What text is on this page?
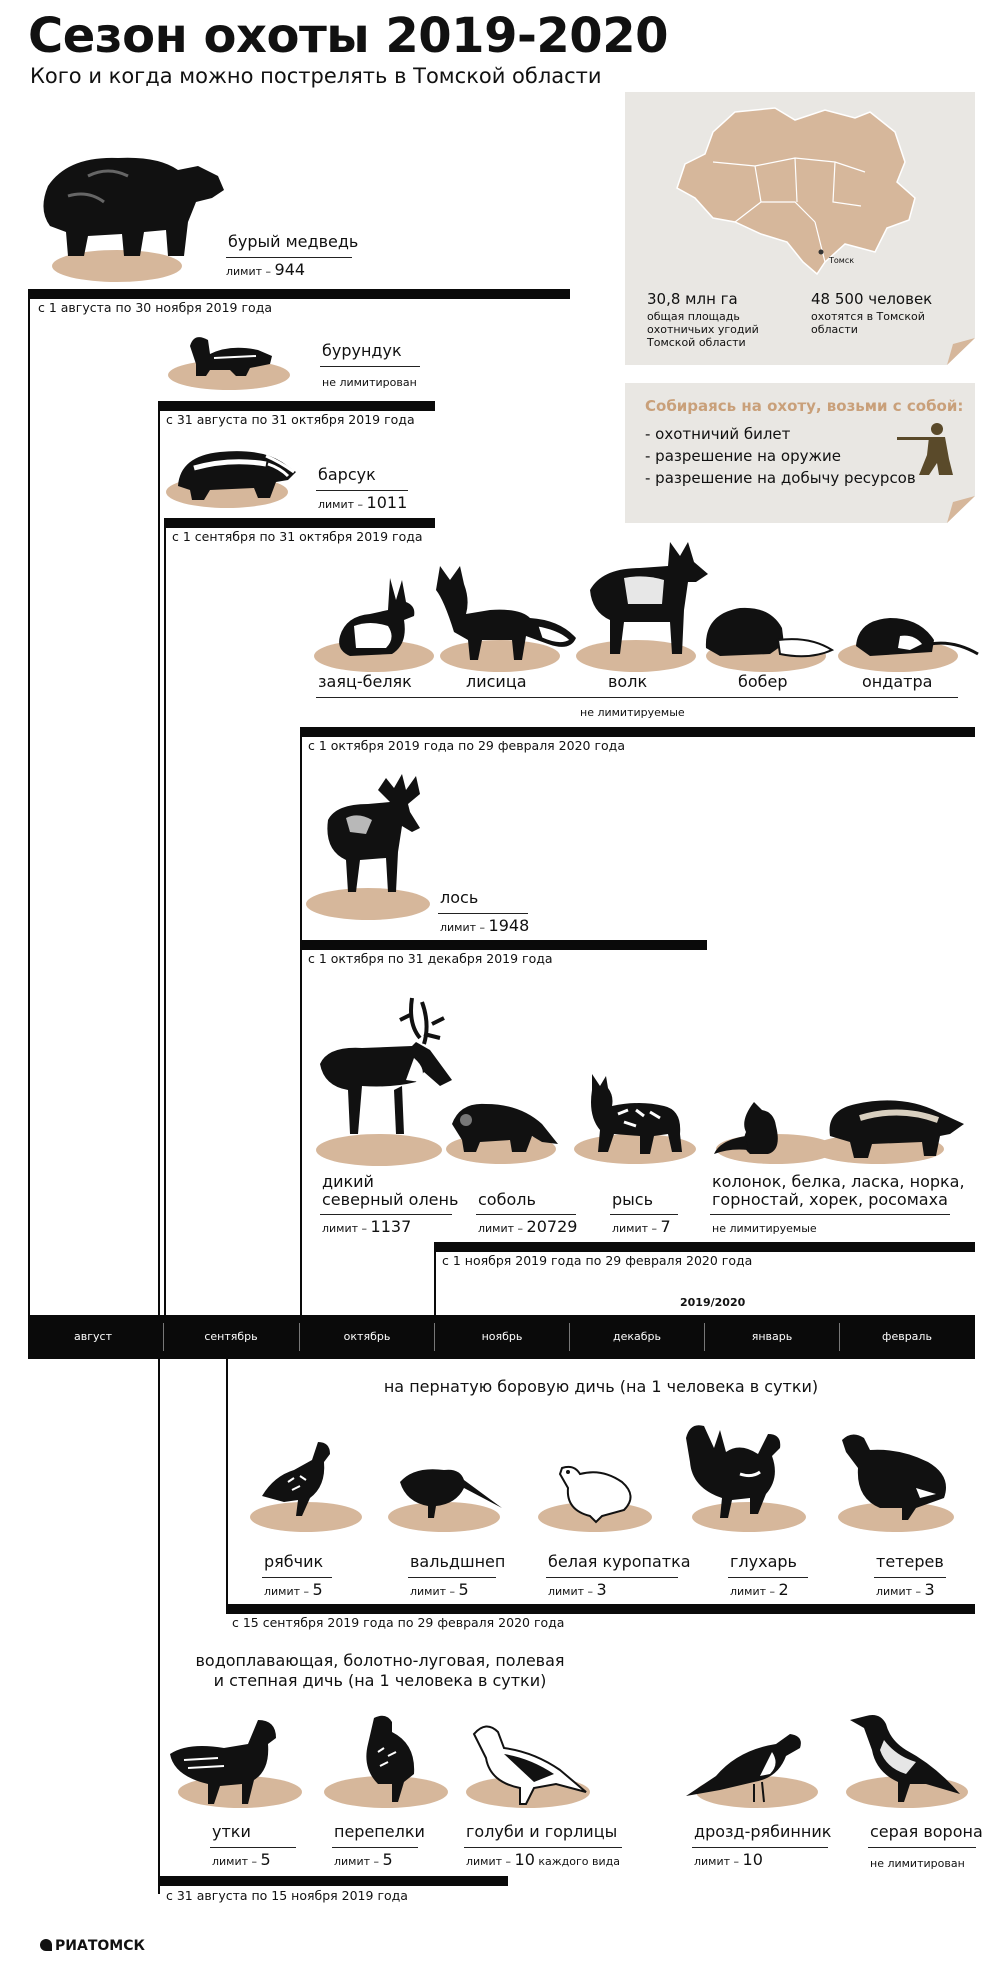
Сезон охоты 2019-2020

Кого и когда можно пострелять в Томской области

Томск
30,8 млн га
общая площадь охотничьих угодий Томской области
48 500 человек
охотятся в Томской области
Собираясь на охоту, возьми с собой:
- охотничий билет
- разрешение на оружие
- разрешение на добычу ресурсов
бурый медведь
лимит – 944
с 1 августа по 30 ноября 2019 года
бурундук
не лимитирован
с 31 августа по 31 октября 2019 года
барсук
лимит – 1011
с 1 сентября по 31 октября 2019 года
заяц-беляк	лисица	волк	бобер	ондатра
не лимитируемые
с 1 октября 2019 года по 29 февраля 2020 года
лось
лимит – 1948
с 1 октября по 31 декабря 2019 года
дикий
северный олень
лимит – 1137
соболь
лимит – 20729
рысь
лимит – 7
колонок, белка, ласка, норка,
горностай, хорек, росомаха
не лимитируемые
с 1 ноября 2019 года по 29 февраля 2020 года
2019/2020
август	сентябрь	октябрь	ноябрь	декабрь	январь	февраль
на пернатую боровую дичь (на 1 человека в сутки)
рябчик
лимит – 5
вальдшнеп
лимит – 5
белая куропатка
лимит – 3
глухарь
лимит – 2
тетерев
лимит – 3
с 15 сентября 2019 года по 29 февраля 2020 года
водоплавающая, болотно-луговая, полевая
и степная дичь (на 1 человека в сутки)
утки
лимит – 5
перепелки
лимит – 5
голуби и горлицы
лимит – 10 каждого вида
дрозд-рябинник
лимит – 10
серая ворона
не лимитирован
с 31 августа по 15 ноября 2019 года
РИАТОМСК
